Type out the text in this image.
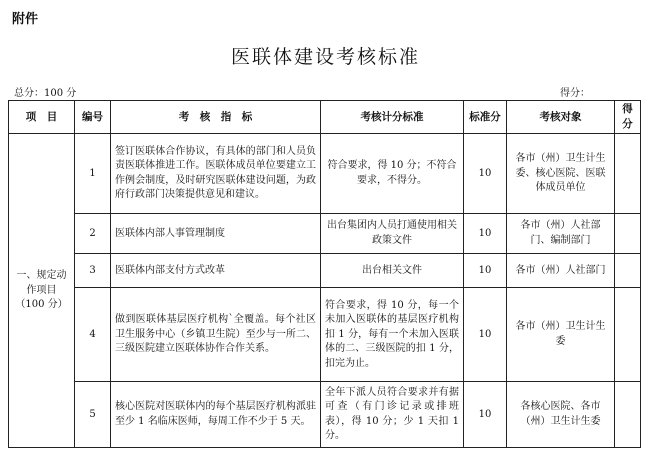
附件
医联体建设考核标准
总分：100 分	得分：
项　目	编号	考　核　指　标	考核计分标准	标准分	考核对象	得分
一、规定动作项目（100 分）	1	签订医联体合作协议，有具体的部门和人员负责医联体推进工作。医联体成员单位要建立工作例会制度，及时研究医联体建设问题，为政府行政部门决策提供意见和建议。	符合要求，得 10 分；不符合要求，不得分。	10	各市（州）卫生计生委、核心医院、医联体成员单位	
	2	医联体内部人事管理制度	出台集团内人员打通使用相关政策文件	10	各市（州）人社部门、编制部门	
	3	医联体内部支付方式改革	出台相关文件	10	各市（州）人社部门	
	4	做到医联体基层医疗机构`全覆盖。每个社区卫生服务中心（乡镇卫生院）至少与一所二、三级医院建立医联体协作合作关系。	符合要求，得 10 分，每一个未加入医联体的基层医疗机构扣 1 分，每有一个未加入医联体的二、三级医院的扣 1 分，扣完为止。	10	各市（州）卫生计生委	
	5	核心医院对医联体内的每个基层医疗机构派驻至少 1 名临床医师，每周工作不少于 5 天。	全年下派人员符合要求并有据可查（有门诊记录或排班表），得 10 分；少 1 天扣 1 分。	10	各核心医院、各市（州）卫生计生委	
